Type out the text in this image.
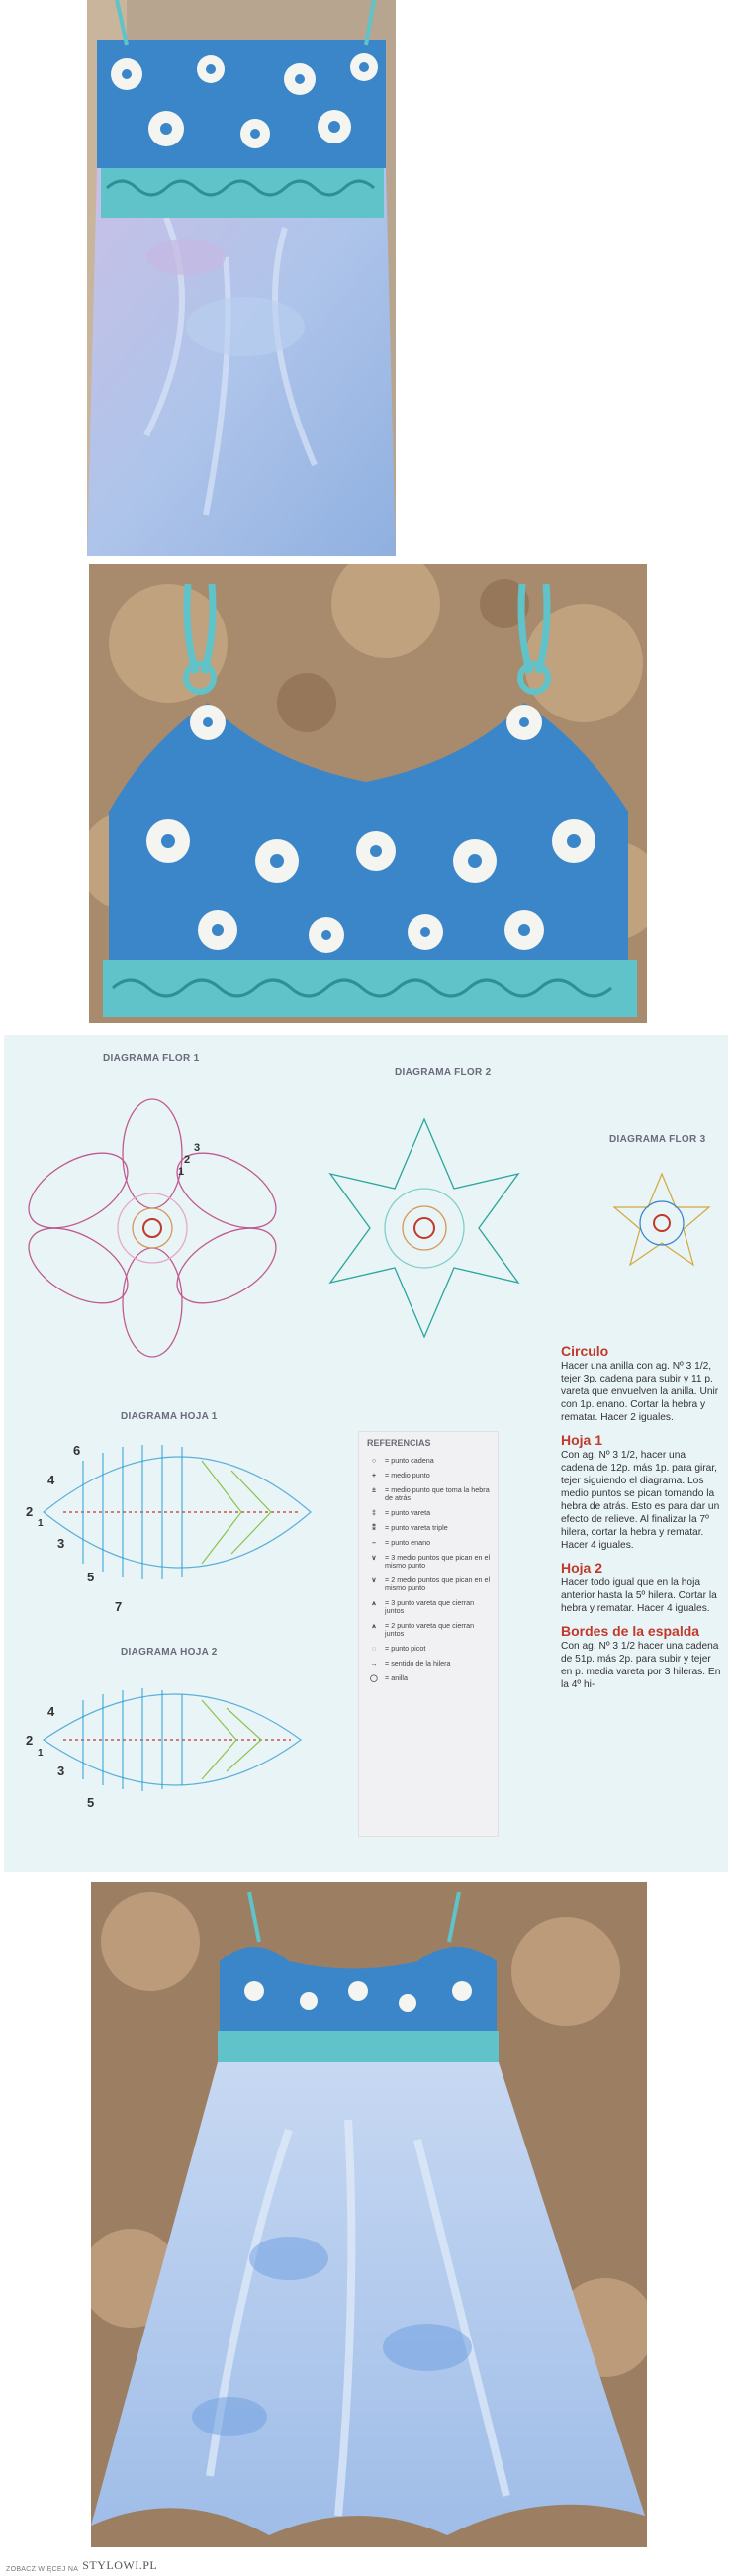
DIAGRAMA FLOR 1
DIAGRAMA FLOR 2
DIAGRAMA FLOR 3
DIAGRAMA HOJA 1
DIAGRAMA HOJA 2
3
2
1
6
4
2
1
3
5
7
4
2
1
3
5
REFERENCIAS
○	= punto cadena
+	= medio punto
±	= medio punto que toma la hebra de atrás
‡	= punto vareta
⁑	= punto vareta triple
–	= punto enano
∨	= 3 medio puntos que pican en el mismo punto
∨	= 2 medio puntos que pican en el mismo punto
⩚	= 3 punto vareta que cierran juntos
⩚	= 2 punto vareta que cierran juntos
◌	= punto picot
→	= sentido de la hilera
◯ = anilla
Circulo

Hacer una anilla con ag. Nº 3 1/2, tejer 3p. cadena para subir y 11 p. vareta que envuelven la anilla. Unir con 1p. enano. Cortar la hebra y rematar. Hacer 2 iguales.

Hoja 1

Con ag. Nº 3 1/2, hacer una cadena de 12p. más 1p. para girar, tejer siguiendo el diagrama. Los medio puntos se pican tomando la hebra de atrás. Esto es para dar un efecto de relieve. Al finalizar la 7º hilera, cortar la hebra y rematar. Hacer 4 iguales.

Hoja 2

Hacer todo igual que en la hoja anterior hasta la 5º hilera. Cortar la hebra y rematar. Hacer 4 iguales.

Bordes de la espalda

Con ag. Nº 3 1/2 hacer una cadena de 51p. más 2p. para subir y tejer en p. media vareta por 3 hileras. En la 4º hi-

ZOBACZ WIĘCEJ NA STYLOWI.PL
